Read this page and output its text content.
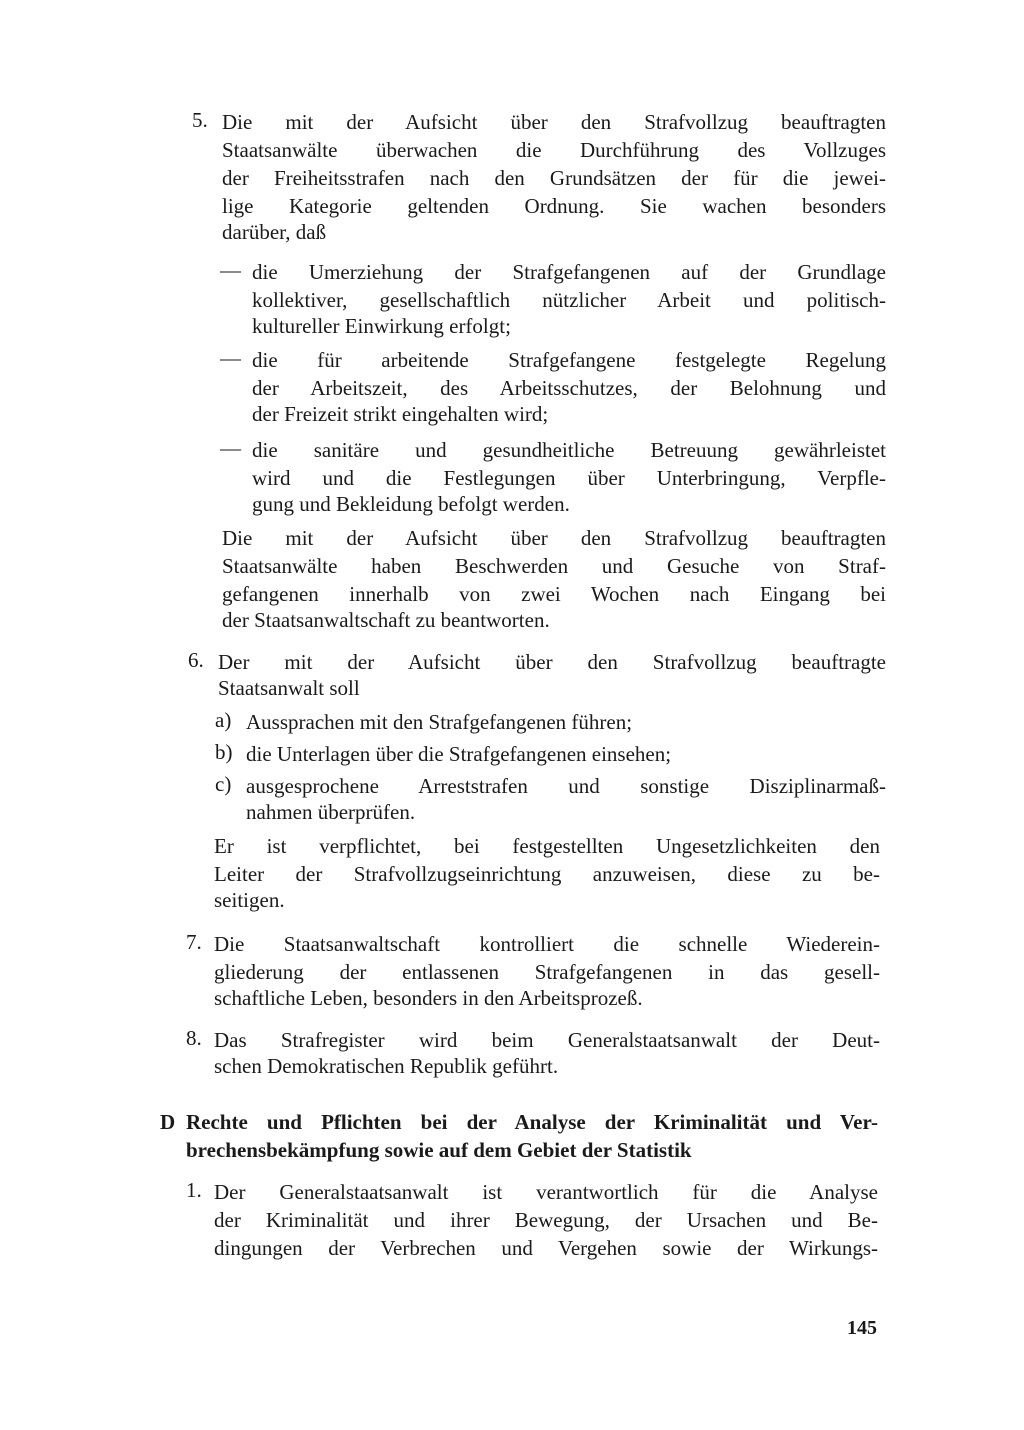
5. Die mit der Aufsicht über den Strafvollzug beauftragten

Staatsanwälte überwachen die Durchführung des Vollzuges

der Freiheitsstrafen nach den Grundsätzen der für die jewei-

lige Kategorie geltenden Ordnung. Sie wachen besonders

darüber, daß

— die Umerziehung der Strafgefangenen auf der Grundlage

kollektiver, gesellschaftlich nützlicher Arbeit und politisch-

kultureller Einwirkung erfolgt;

— die für arbeitende Strafgefangene festgelegte Regelung

der Arbeitszeit, des Arbeitsschutzes, der Belohnung und

der Freizeit strikt eingehalten wird;

— die sanitäre und gesundheitliche Betreuung gewährleistet

wird und die Festlegungen über Unterbringung, Verpfle-

gung und Bekleidung befolgt werden.

Die mit der Aufsicht über den Strafvollzug beauftragten

Staatsanwälte haben Beschwerden und Gesuche von Straf-

gefangenen innerhalb von zwei Wochen nach Eingang bei

der Staatsanwaltschaft zu beantworten.

6. Der mit der Aufsicht über den Strafvollzug beauftragte

Staatsanwalt soll

a) Aussprachen mit den Strafgefangenen führen;

b) die Unterlagen über die Strafgefangenen einsehen;

c) ausgesprochene Arreststrafen und sonstige Disziplinarmaß-

nahmen überprüfen.

Er ist verpflichtet, bei festgestellten Ungesetzlichkeiten den

Leiter der Strafvollzugseinrichtung anzuweisen, diese zu be-

seitigen.

7. Die Staatsanwaltschaft kontrolliert die schnelle Wiederein-

gliederung der entlassenen Strafgefangenen in das gesell-

schaftliche Leben, besonders in den Arbeitsprozeß.

8. Das Strafregister wird beim Generalstaatsanwalt der Deut-

schen Demokratischen Republik geführt.

D Rechte und Pflichten bei der Analyse der Kriminalität und Ver-

brechensbekämpfung sowie auf dem Gebiet der Statistik

1. Der Generalstaatsanwalt ist verantwortlich für die Analyse

der Kriminalität und ihrer Bewegung, der Ursachen und Be-

dingungen der Verbrechen und Vergehen sowie der Wirkungs-

145
